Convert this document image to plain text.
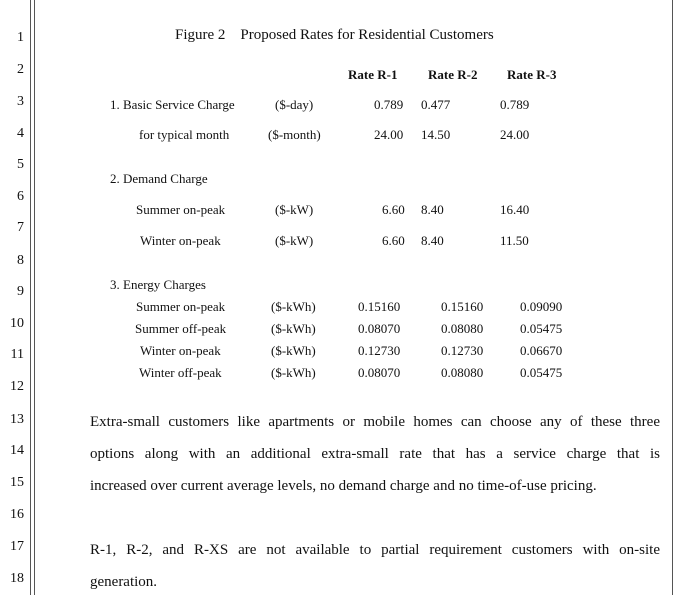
1
2
3
4
5
6
7
8
9
10
11
12
13
14
15
16
17
18
Figure 2    Proposed Rates for Residential Customers
Rate R-1 Rate R-2 Rate R-3
1. Basic Service Charge	($-day)	0.789 0.477	0.789
for typical month	($-month)	24.00 14.50	24.00
2. Demand Charge
Summer on-peak	($-kW)	6.60 8.40	16.40
Winter on-peak	($-kW)	6.60 8.40	11.50
3. Energy Charges
Summer on-peak	($-kWh)	0.15160	0.15160	0.09090
Summer off-peak	($-kWh)	0.08070	0.08080	0.05475
Winter on-peak	($-kWh)	0.12730	0.12730	0.06670
Winter off-peak	($-kWh)	0.08070	0.08080	0.05475
Extra-small customers like apartments or mobile homes can choose any of these three
options along with an additional extra-small rate that has a service charge that is
increased over current average levels, no demand charge and no time-of-use pricing.
R-1, R-2, and R-XS are not available to partial requirement customers with on-site
generation.
